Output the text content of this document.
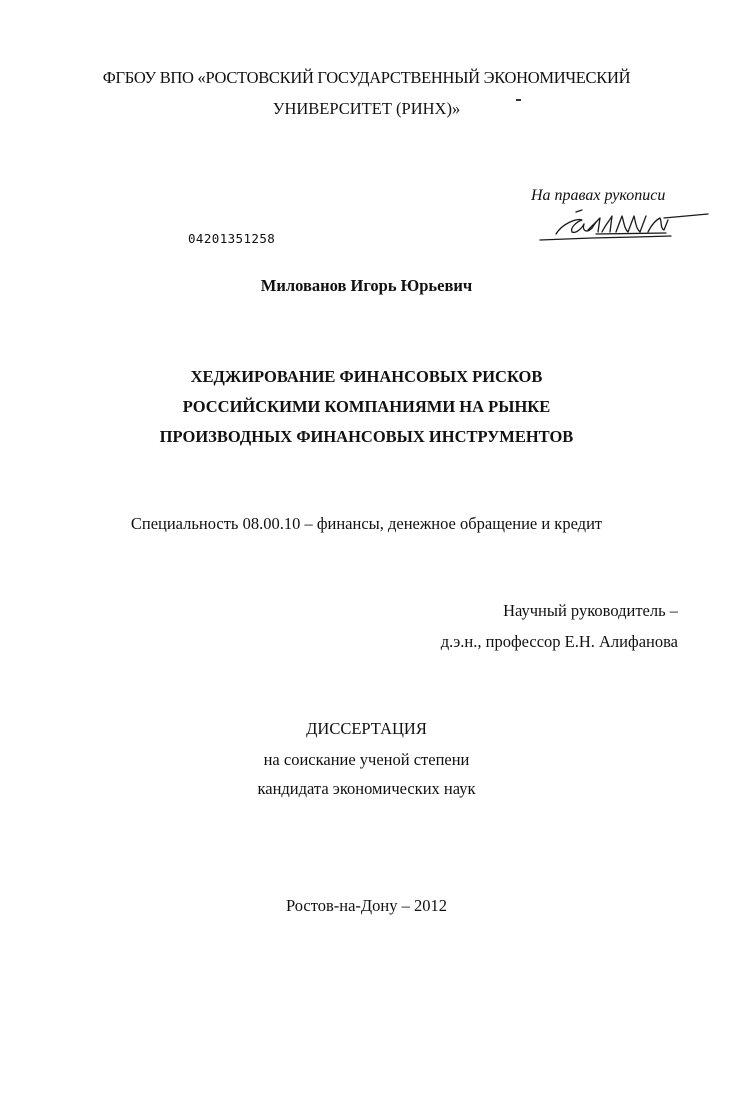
ФГБОУ ВПО «РОСТОВСКИЙ ГОСУДАРСТВЕННЫЙ ЭКОНОМИЧЕСКИЙ
УНИВЕРСИТЕТ (РИНХ)»
На правах рукописи
04201351258
Милованов Игорь Юрьевич
ХЕДЖИРОВАНИЕ ФИНАНСОВЫХ РИСКОВ
РОССИЙСКИМИ КОМПАНИЯМИ НА РЫНКЕ
ПРОИЗВОДНЫХ ФИНАНСОВЫХ ИНСТРУМЕНТОВ
Специальность 08.00.10 – финансы, денежное обращение и кредит
Научный руководитель –
д.э.н., профессор Е.Н. Алифанова
ДИССЕРТАЦИЯ
на соискание ученой степени
кандидата экономических наук
Ростов-на-Дону – 2012
